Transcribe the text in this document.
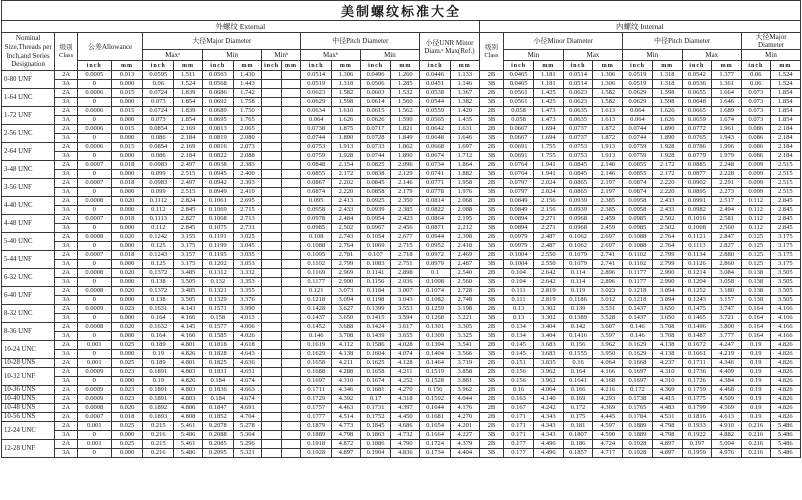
美制螺纹标准大全																										
外螺纹 External																内螺纹 Internal										
Nominal Size,Threads per Inch,and Series Designation	级别 Class	公差Allowance		大径Major Diameter						中径Pitch Diameter				小径UNR Minor Diam.ᵃ Max(Ref.)		级别 Class	小径Minor Diameter				中径Pitch Diameter				大径Major Diameter	
				Maxᵃ		Min		Minᵇ		Maxᵇ		Min					Min		Max		Min		Max		Min	
		inch	mm	inch	mm	inch	mm	inch	mm	inch	mm	inch	mm	inch	mm		inch	mm	inch	mm	inch	mm	inch	mm	inch	mm
0-80 UNF	2A	0.0005	0.013	0.0595	1.511	0.0563	1.430			0.0514	1.306	0.0496	1.260	0.0446	1.133	2B	0.0465	1.181	0.0514	1.306	0.0519	1.318	0.0542	1.377	0.06	1.524
	3A	0	0.000	0.06	1.524	0.0568	1.443			0.0519	1.318	0.0506	1.285	0.0451	1.146	3B	0.0465	1.181	0.0514	1.306	0.0519	1.318	0.0536	1.361	0.06	1.524
1-64 UNC	2A	0.0006	0.015	0.0724	1.839	0.0686	1.742			0.0623	1.582	0.0603	1.532	0.0538	1.367	2B	0.0561	1.425	0.0623	1.582	0.0629	1.598	0.0655	1.664	0.073	1.854
	3A	0	0.000	0.073	1.854	0.0692	1.758			0.0629	1.598	0.0614	1.560	0.0544	1.382	3B	0.0561	1.425	0.0623	1.582	0.0629	1.598	0.0648	1.646	0.073	1.854
1-72 UNF	2A	0.0006	0.015	0.0724	1.839	0.0689	1.750			0.0634	1.610	0.0615	1.562	0.0559	1.420	2B	0.058	1.473	0.0635	1.613	0.064	1.626	0.0665	1.689	0.073	1.854
	3A	0	0.000	0.073	1.854	0.0695	1.765			0.064	1.626	0.0626	1.590	0.0565	1.435	3B	0.058	1.473	0.0635	1.613	0.064	1.626	0.0659	1.674	0.073	1.854
2-56 UNC	2A	0.0006	0.015	0.0854	2.169	0.0813	2.065			0.0738	1.875	0.0717	1.821	0.0642	1.631	2B	0.0667	1.694	0.0737	1.872	0.0744	1.890	0.0772	1.961	0.086	2.184
	3A	0	0.000	0.086	2.184	0.0819	2.080			0.0744	1.890	0.0728	1.849	0.0648	1.646	3B	0.0667	1.694	0.0737	1.872	0.0744	1.890	0.0765	1.943	0.086	2.184
2-64 UNF	2A	0.0006	0.015	0.0854	2.169	0.0816	2.073			0.0753	1.913	0.0733	1.862	0.0668	1.697	2B	0.0691	1.755	0.0753	1.913	0.0759	1.928	0.0786	1.996	0.086	2.184
	3A	0	0.000	0.086	2.184	0.0822	2.088			0.0759	1.928	0.0744	1.890	0.0674	1.712	3B	0.0691	1.755	0.0753	1.913	0.0759	1.928	0.0779	1.979	0.086	2.184
3-48 UNC	2A	0.0007	0.018	0.0983	2.497	0.0938	2.383			0.0848	2.154	0.0825	2.096	0.0734	1.864	2B	0.0764	1.941	0.0845	2.146	0.0855	2.172	0.0885	2.248	0.099	2.515
	3A	0	0.000	0.099	2.515	0.0945	2.400			0.0855	2.172	0.0838	2.129	0.0741	1.882	3B	0.0764	1.941	0.0845	2.146	0.0855	2.172	0.0877	2.228	0.099	2.515
3-56 UNF	2A	0.0007	0.018	0.0983	2.497	0.0942	2.393			0.0867	2.202	0.0845	2.146	0.0771	1.958	2B	0.0797	2.024	0.0865	2.197	0.0874	2.220	0.0902	2.291	0.099	2.515
	3A	0	0.000	0.099	2.515	0.0949	2.410			0.0874	2.220	0.0858	2.179	0.0778	1.976	3B	0.0797	2.024	0.0865	2.197	0.0874	2.220	0.0895	2.273	0.099	2.515
4-40 UNC	2A	0.0008	0.020	0.1112	2.824	0.1061	2.695			0.095	2.413	0.0925	2.350	0.0814	2.068	2B	0.0849	2.156	0.0939	2.385	0.0958	2.433	0.0991	2.517	0.112	2.845
	3A	0	0.000	0.112	2.845	0.1069	2.715			0.0958	2.433	0.0939	2.385	0.0822	2.088	3B	0.0849	2.156	0.0939	2.385	0.0958	2.433	0.0982	2.494	0.112	2.845
4-48 UNF	2A	0.0007	0.018	0.1113	2.827	0.1068	2.713			0.0978	2.484	0.0954	2.423	0.0864	2.195	2B	0.0894	2.271	0.0968	2.459	0.0985	2.502	0.1016	2.581	0.112	2.845
	3A	0	0.000	0.112	2.845	0.1075	2.731			0.0985	2.502	0.0967	2.456	0.0871	2.212	3B	0.0894	2.271	0.0968	2.459	0.0985	2.502	0.1008	2.560	0.112	2.845
5-40 UNC	2A	0.0008	0.020	0.1242	3.155	0.1191	3.025			0.108	2.743	0.1054	2.677	0.0944	2.398	2B	0.0979	2.487	0.1062	2.697	0.1088	2.764	0.1121	2.847	0.125	3.175
	3A	0	0.000	0.125	3.175	0.1199	3.045			0.1088	2.764	0.1069	2.715	0.0952	2.418	3B	0.0979	2.487	0.1062	2.697	0.1088	2.764	0.1113	2.827	0.125	3.175
5-44 UNF	2A	0.0007	0.018	0.1243	3.157	0.1195	3.035			0.1095	2.781	0.107	2.718	0.0972	2.469	2B	0.1004	2.550	0.1079	2.741	0.1102	2.799	0.1134	2.880	0.125	3.175
	3A	0	0.000	0.125	3.175	0.1202	3.053			0.1102	2.799	0.1083	2.751	0.0979	2.487	3B	0.1004	2.550	0.1079	2.741	0.1102	2.799	0.1126	2.860	0.125	3.175
6-32 UNC	2A	0.0008	0.020	0.1372	3.485	0.1312	3.332			0.1169	2.969	0.1141	2.898	0.1	2.540	2B	0.104	2.642	0.114	2.896	0.1177	2.990	0.1214	3.084	0.138	3.505
	3A	0	0.000	0.138	3.505	0.132	3.353			0.1177	2.990	0.1156	2.936	0.1008	2.560	3B	0.104	2.642	0.114	2.896	0.1177	2.990	0.1204	3.058	0.138	3.505
6-40 UNF	2A	0.0008	0.020	0.1372	3.485	0.1321	3.355			0.121	3.073	0.1184	3.007	0.1074	2.728	2B	0.111	2.819	0.119	3.023	0.1218	3.094	0.1252	3.180	0.138	3.505
	3A	0	0.000	0.138	3.505	0.1329	3.376			0.1218	3.094	0.1198	3.043	0.1082	2.748	3B	0.111	2.819	0.1186	3.012	0.1218	3.094	0.1243	3.157	0.138	3.505
8-32 UNC	2A	0.0009	0.023	0.1631	4.143	0.1571	3.990			0.1428	3.627	0.1399	3.553	0.1259	3.198	2B	0.13	3.302	0.139	3.531	0.1437	3.650	0.1475	3.747	0.164	4.166
	3A	0	0.000	0.164	4.166	0.158	4.013			0.1437	3.650	0.1415	3.594	0.1268	3.221	3B	0.13	3.302	0.1389	3.528	0.1437	3.650	0.1465	3.721	0.164	4.166
8-36 UNF	2A	0.0008	0.020	0.1632	4.145	0.1577	4.006			0.1452	3.688	0.1424	3.617	0.1301	3.305	2B	0.134	3.404	0.142	3.607	0.146	3.708	0.1496	3.800	0.164	4.166
	3A	0	0.000	0.164	4.166	0.1585	4.026			0.146	3.708	0.1439	3.655	0.1309	3.325	3B	0.134	3.404	0.1416	3.597	0.146	3.708	0.1487	3.777	0.164	4.166
10-24 UNC	2A	0.001	0.025	0.189	4.801	0.1818	4.618			0.1619	4.112	0.1586	4.028	0.1394	3.541	2B	0.145	3.683	0.156	3.962	0.1629	4.138	0.1672	4.247	0.19	4.826
	3A	0	0.000	0.19	4.826	0.1828	4.643			0.1629	4.138	0.1604	4.074	0.1404	3.566	3B	0.145	3.683	0.1555	3.950	0.1629	4.138	0.1661	4.219	0.19	4.826
10-28 UNS	2A	0.001	0.025	0.189	4.801	0.1825	4.636			0.1658	4.211	0.1625	4.128	0.1464	3.719	2B	0.151	3.835	0.16	4.064	0.1668	4.237	0.1711	4.346	0.19	4.826
10-32 UNF	2A	0.0009	0.023	0.1891	4.803	0.1831	4.651			0.1688	4.288	0.1658	4.211	0.1519	3.858	2B	0.156	3.962	0.164	4.166	0.1697	4.310	0.1736	4.409	0.19	4.826
	3A	0	0.000	0.19	4.826	0.184	4.674			0.1697	4.310	0.1674	4.252	0.1528	3.881	3B	0.156	3.962	0.1641	4.168	0.1697	4.310	0.1726	4.384	0.19	4.826
10-36 UNS	2A	0.0009	0.023	0.1891	4.803	0.1836	4.663			0.1711	4.346	0.1681	4.270	0.156	3.962	2B	0.16	4.064	0.166	4.216	0.172	4.369	0.1759	4.468	0.19	4.826
10-40 UNS	2A	0.0009	0.023	0.1891	4.803	0.184	4.674			0.1729	4.392	0.17	4.318	0.1592	4.044	2B	0.163	4.140	0.169	4.293	0.1738	4.415	0.1775	4.509	0.19	4.826
10-48 UNS	2A	0.0008	0.020	0.1892	4.806	0.1847	4.691			0.1757	4.463	0.1731	4.397	0.1644	4.176	2B	0.167	4.242	0.172	4.369	0.1765	4.483	0.1799	4.569	0.19	4.826
10-56 UNS	2A	0.0007	0.018	0.1893	4.808	0.1852	4.704			0.1777	4.514	0.1752	4.450	0.1681	4.270	2B	0.171	4.343	0.175	4.445	0.1784	4.531	0.1816	4.613	0.19	4.826
12-24 UNC	2A	0.001	0.025	0.215	5.461	0.2078	5.278			0.1879	4.773	0.1845	4.686	0.1654	4.201	2B	0.171	4.343	0.181	4.597	0.1889	4.798	0.1933	4.910	0.216	5.486
	3A	0	0.000	0.216	5.486	0.2088	5.304			0.1889	4.798	0.1863	4.732	0.1664	4.227	3B	0.171	4.343	0.1807	4.590	0.1889	4.798	0.1922	4.882	0.216	5.486
12-28 UNF	2A	0.001	0.025	0.215	5.461	0.2085	5.296			0.1918	4.872	0.1886	4.790	0.1724	4.379	2B	0.177	4.496	0.186	4.724	0.1928	4.897	0.197	5.004	0.216	5.486
	3A	0	0.000	0.216	5.486	0.2095	5.321			0.1928	4.897	0.1904	4.836	0.1734	4.404	3B	0.177	4.496	0.1857	4.717	0.1928	4.897	0.1959	4.976	0.216	5.486
